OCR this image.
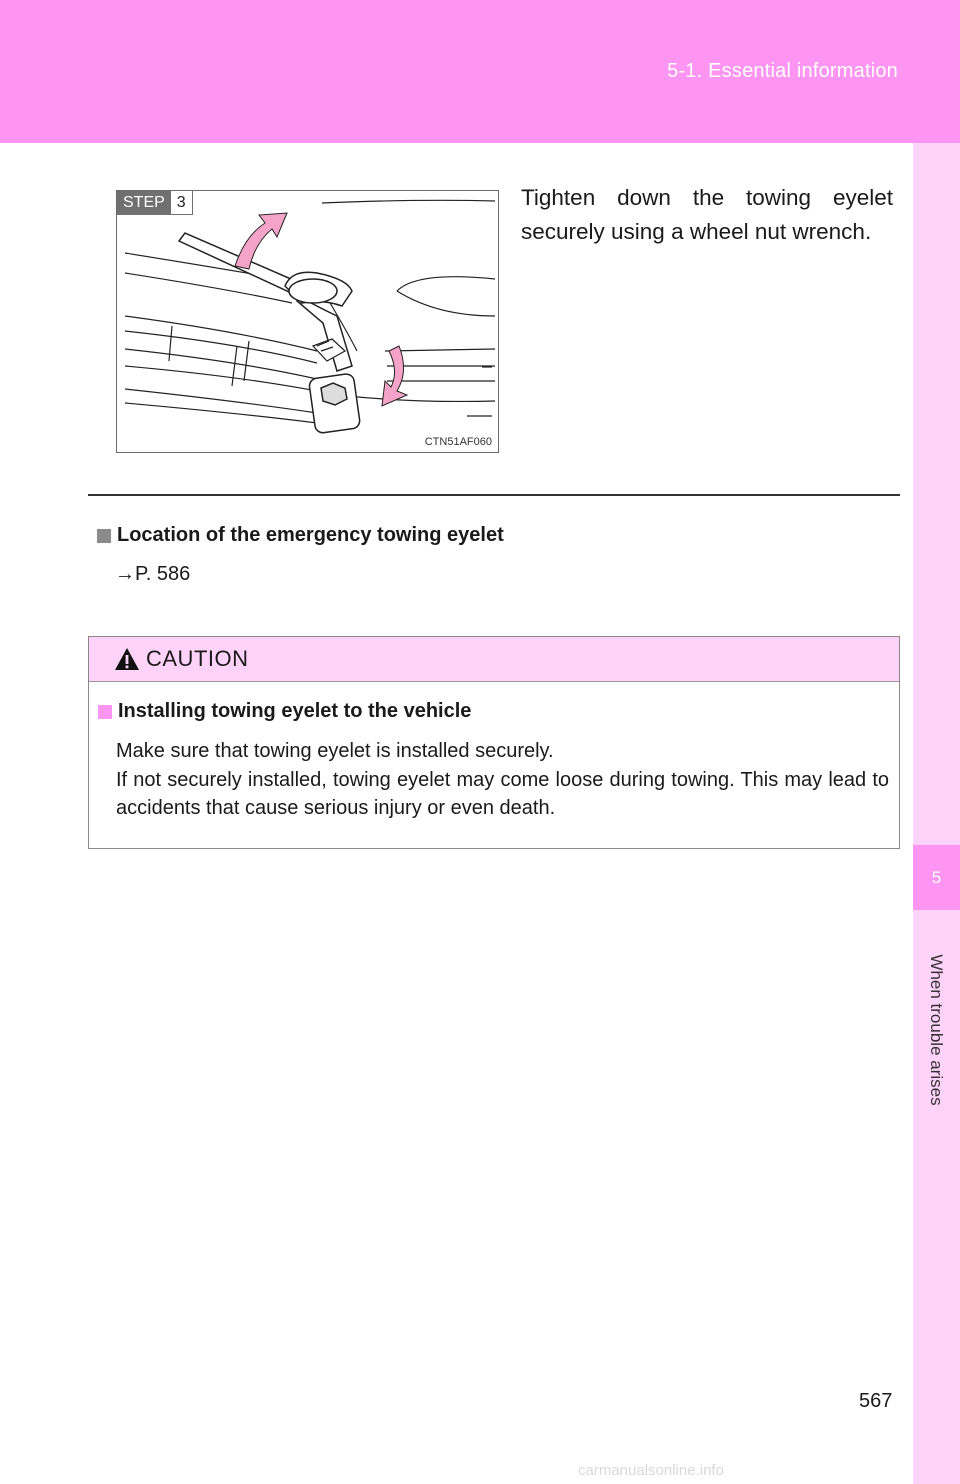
5-1. Essential information
5
When trouble arises
STEP 3
CTN51AF060
Tighten down the towing eyelet securely using a wheel nut wrench.
Location of the emergency towing eyelet
→P. 586
CAUTION
Installing towing eyelet to the vehicle

Make sure that towing eyelet is installed securely.

If not securely installed, towing eyelet may come loose during towing. This may lead to accidents that cause serious injury or even death.

567
carmanualsonline.info
